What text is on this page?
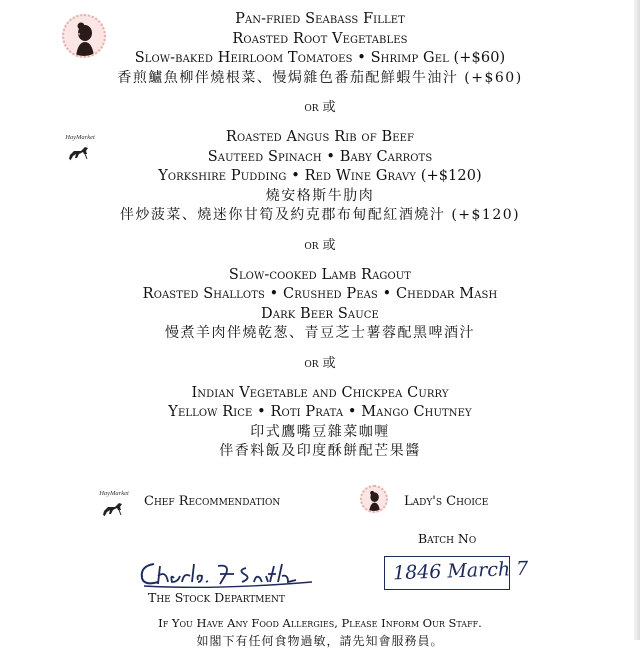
HayMarket
Pan-fried Seabass Fillet
Roasted Root Vegetables
Slow-baked Heirloom Tomatoes • Shrimp Gel (+$60)
香煎鱸魚柳伴燒根菜、慢焗雜色番茄配鮮蝦牛油汁 (+$60)
or 或
Roasted Angus Rib of Beef
Sauteed Spinach • Baby Carrots
Yorkshire Pudding • Red Wine Gravy (+$120)
燒安格斯牛肋肉
伴炒菠菜、燒迷你甘筍及約克郡布甸配紅酒燒汁 (+$120)
or 或
Slow-cooked Lamb Ragout
Roasted Shallots • Crushed Peas • Cheddar Mash
Dark Beer Sauce
慢煮羊肉伴燒乾葱、青豆芝士薯蓉配黑啤酒汁
or 或
Indian Vegetable and Chickpea Curry
Yellow Rice • Roti Prata • Mango Chutney
印式鷹嘴豆雜菜咖喱
伴香料飯及印度酥餅配芒果醬
HayMarket
Chef Recommendation	Lady's Choice
Batch No
The Stock Department
1846 March 7
If You Have Any Food Allergies, Please Inform Our Staff.
如閣下有任何食物過敏，請先知會服務員。
